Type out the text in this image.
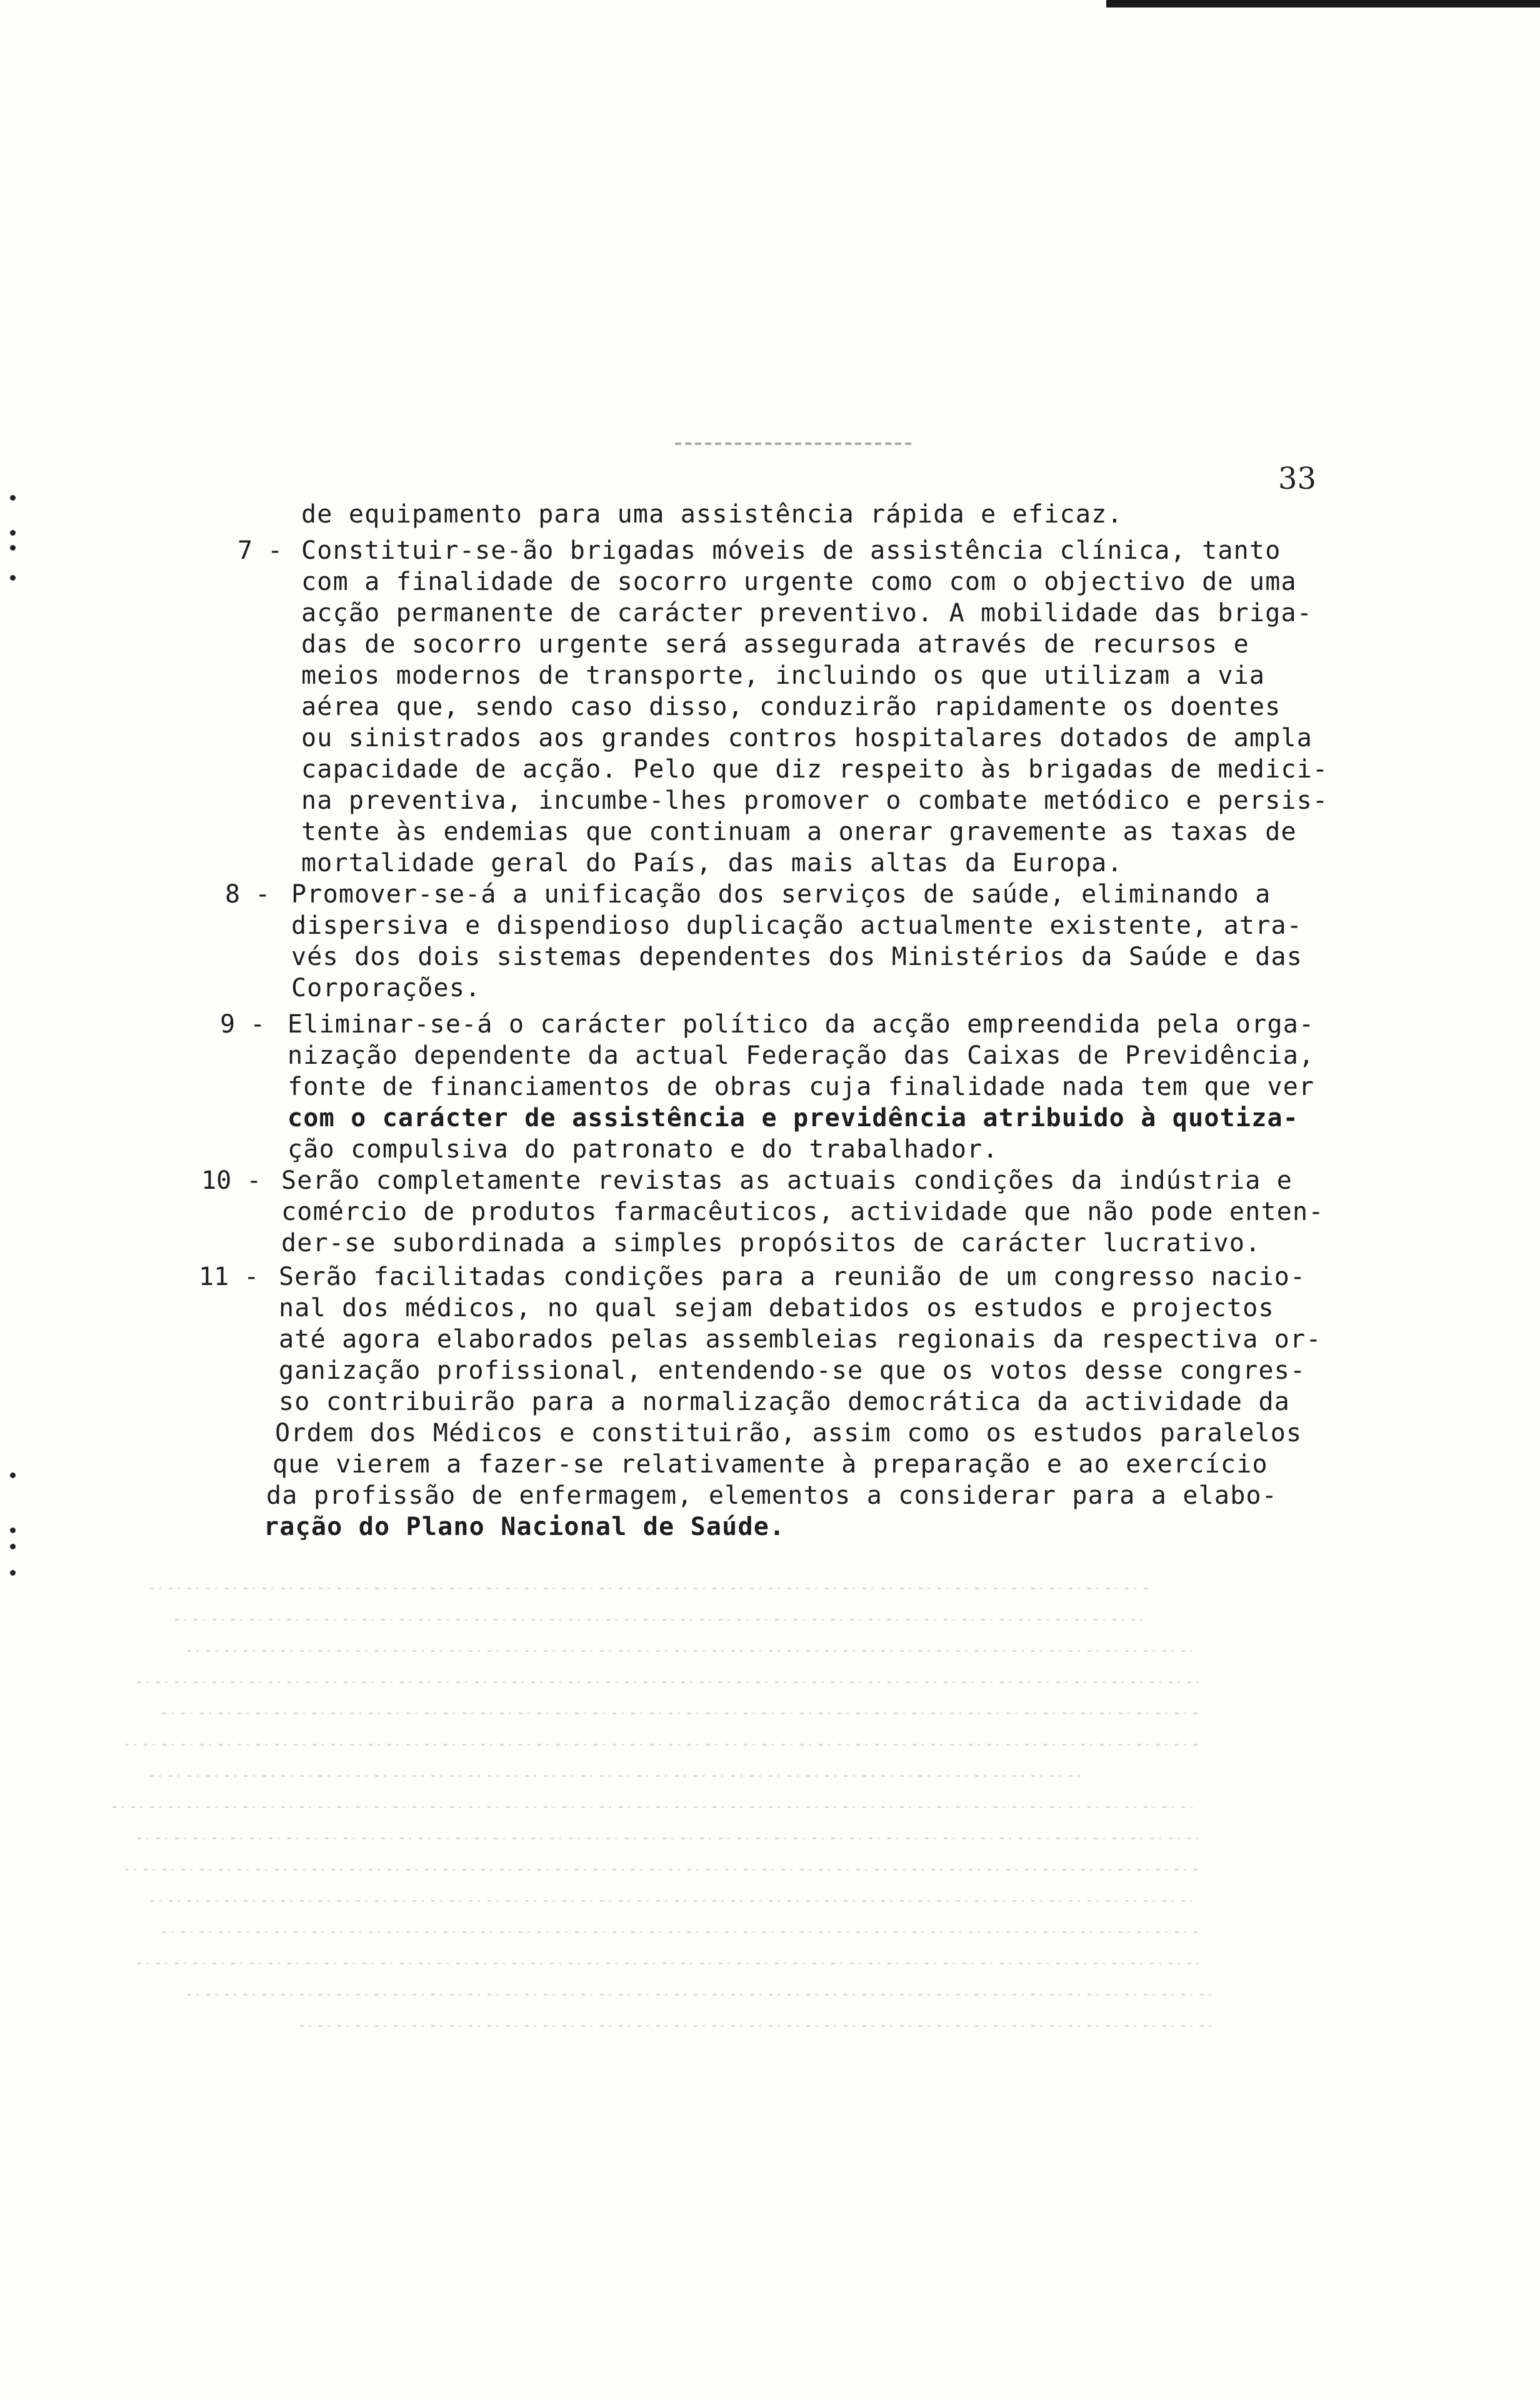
33
de equipamento para uma assistência rápida e eficaz.
7 - Constituir-se-ão brigadas móveis de assistência clínica, tanto
com a finalidade de socorro urgente como com o objectivo de uma
acção permanente de carácter preventivo. A mobilidade das briga-
das de socorro urgente será assegurada através de recursos e
meios modernos de transporte, incluindo os que utilizam a via
aérea que, sendo caso disso, conduzirão rapidamente os doentes
ou sinistrados aos grandes contros hospitalares dotados de ampla
capacidade de acção. Pelo que diz respeito às brigadas de medici-
na preventiva, incumbe-lhes promover o combate metódico e persis-
tente às endemias que continuam a onerar gravemente as taxas de
mortalidade geral do País, das mais altas da Europa.
8 - Promover-se-á a unificação dos serviços de saúde, eliminando a
dispersiva e dispendioso duplicação actualmente existente, atra-
vés dos dois sistemas dependentes dos Ministérios da Saúde e das
Corporações.
9 - Eliminar-se-á o carácter político da acção empreendida pela orga-
nização dependente da actual Federação das Caixas de Previdência,
fonte de financiamentos de obras cuja finalidade nada tem que ver
com o carácter de assistência e previdência atribuido à quotiza-
ção compulsiva do patronato e do trabalhador.
10 - Serão completamente revistas as actuais condições da indústria e
comércio de produtos farmacêuticos, actividade que não pode enten-
der-se subordinada a simples propósitos de carácter lucrativo.
11 - Serão facilitadas condições para a reunião de um congresso nacio-
nal dos médicos, no qual sejam debatidos os estudos e projectos
até agora elaborados pelas assembleias regionais da respectiva or-
ganização profissional, entendendo-se que os votos desse congres-
so contribuirão para a normalização democrática da actividade da
Ordem dos Médicos e constituirão, assim como os estudos paralelos
que vierem a fazer-se relativamente à preparação e ao exercício
da profissão de enfermagem, elementos a considerar para a elabo-
ração do Plano Nacional de Saúde.
